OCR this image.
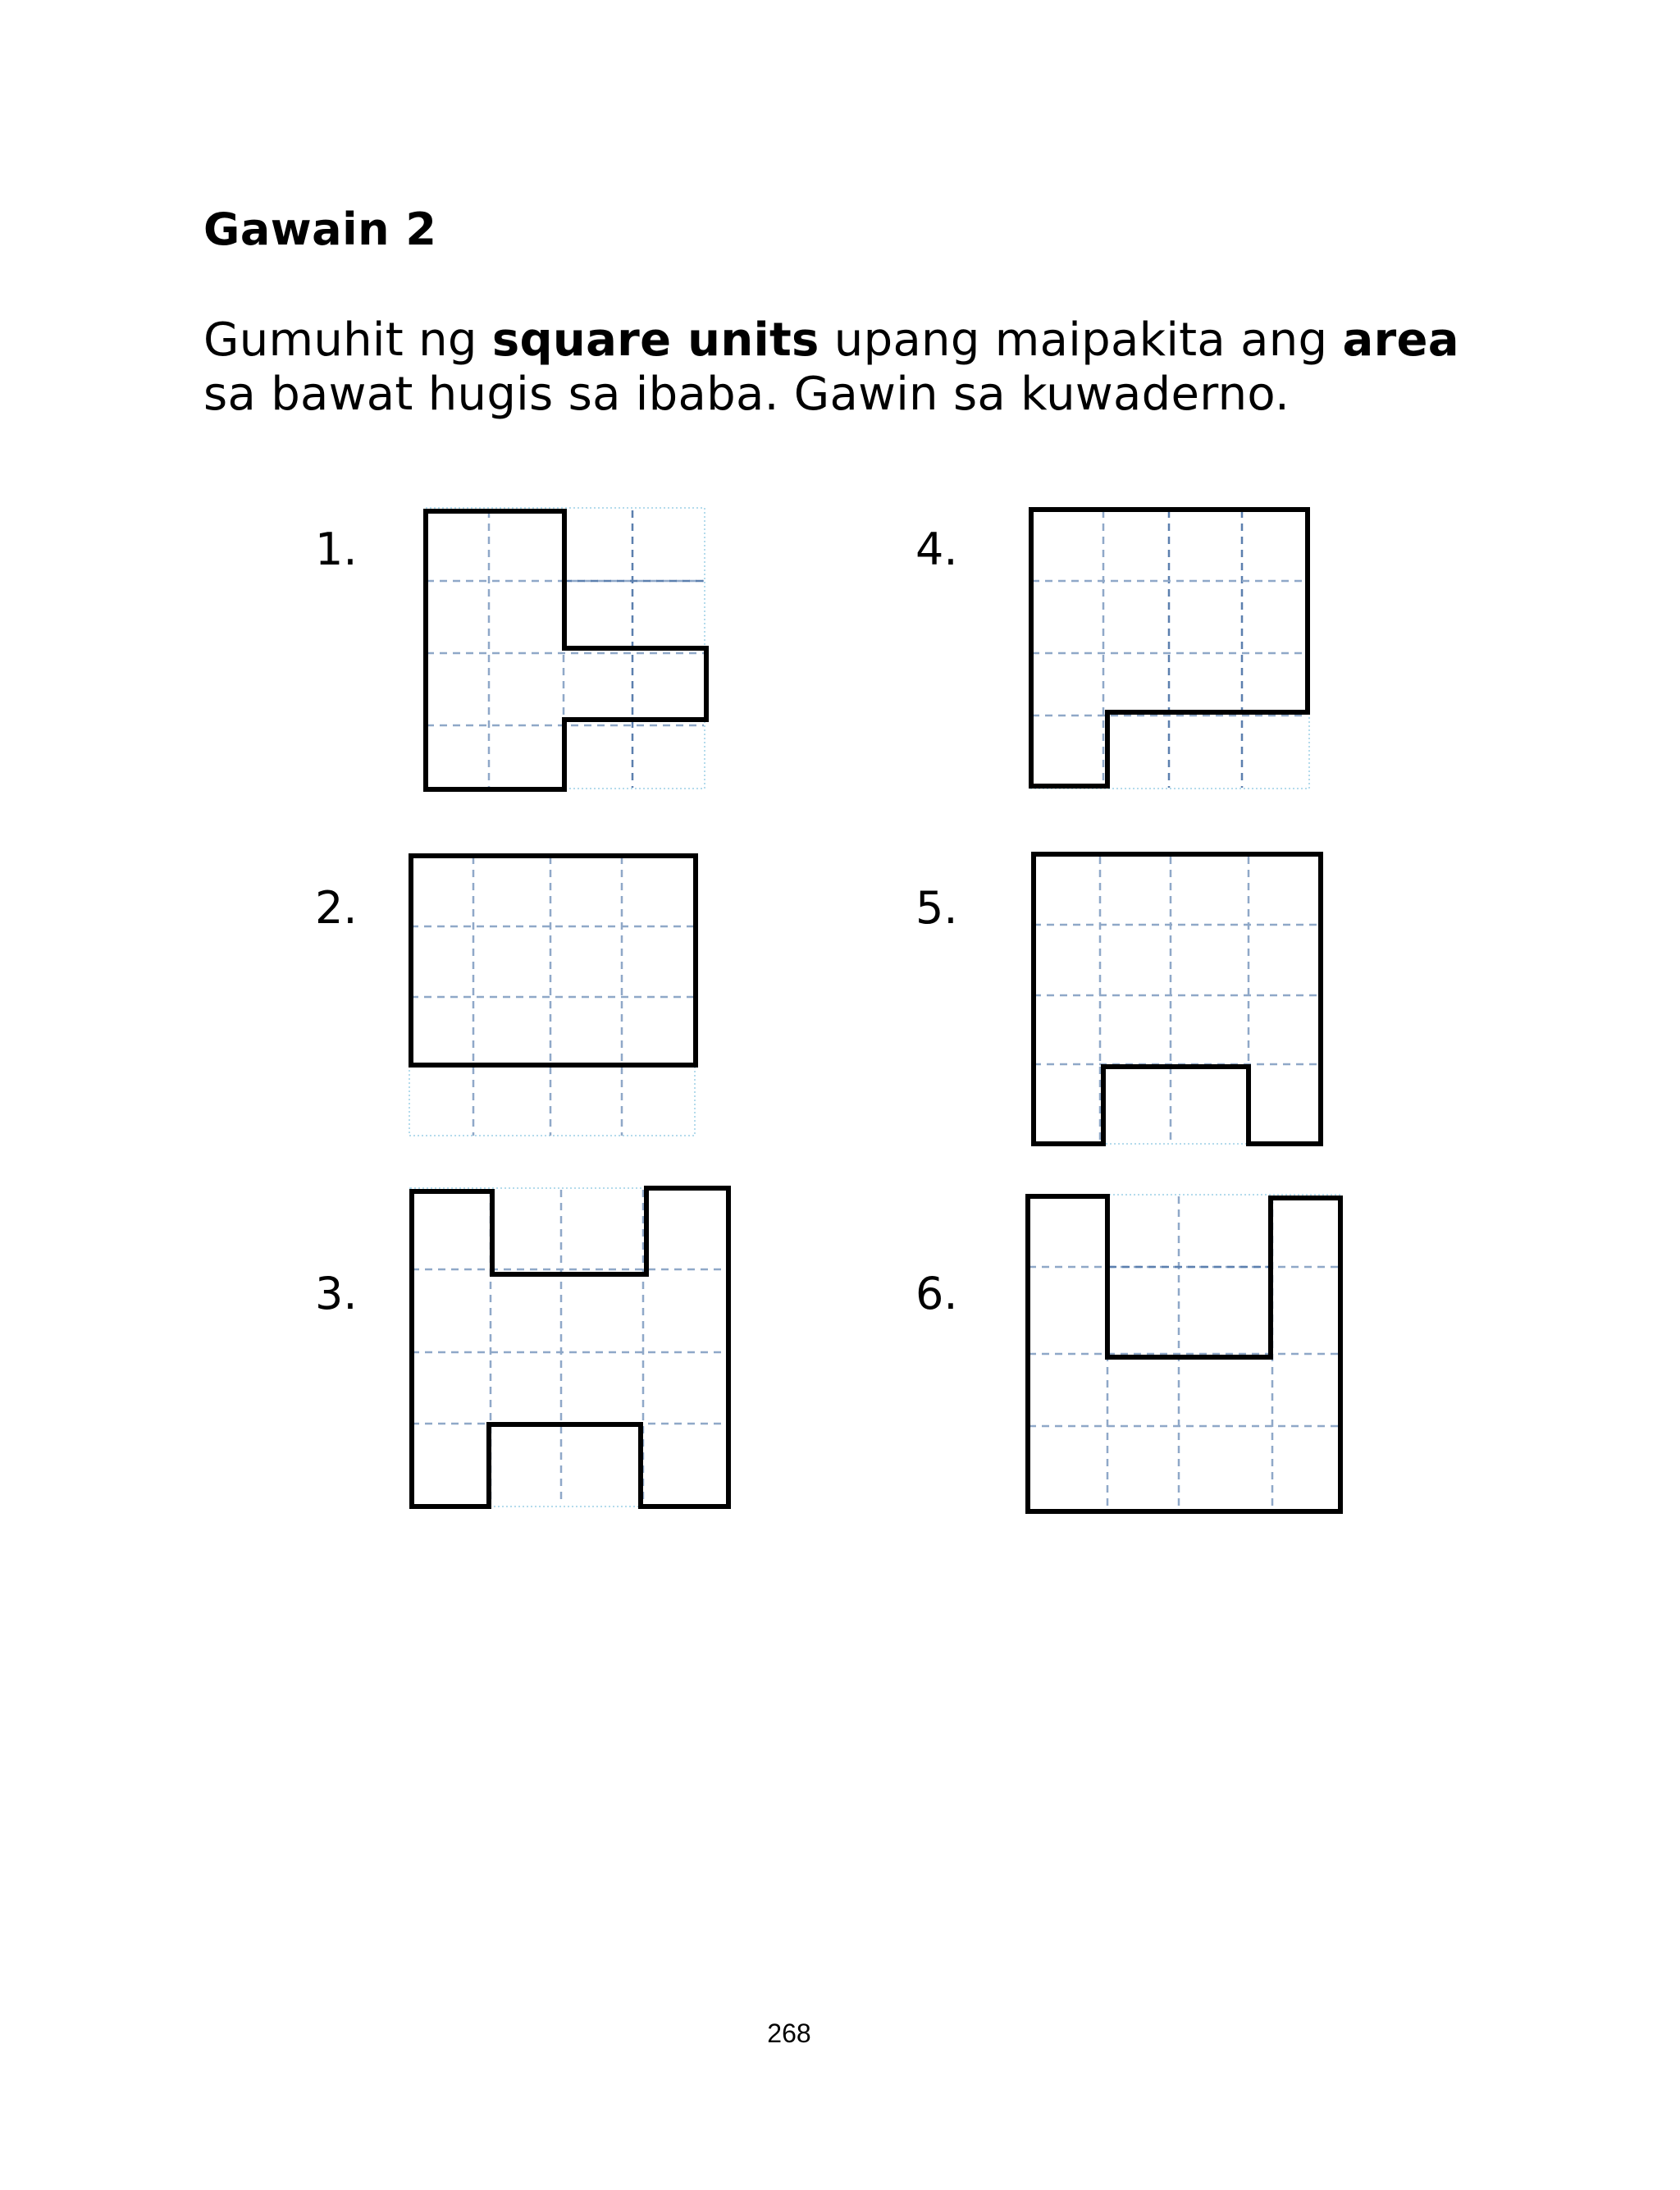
Gawain 2

Gumuhit ng square units upang maipakita ang area
sa bawat hugis sa ibaba. Gawin sa kuwaderno.

1.
2.
3.
4.
5.
6.
268
